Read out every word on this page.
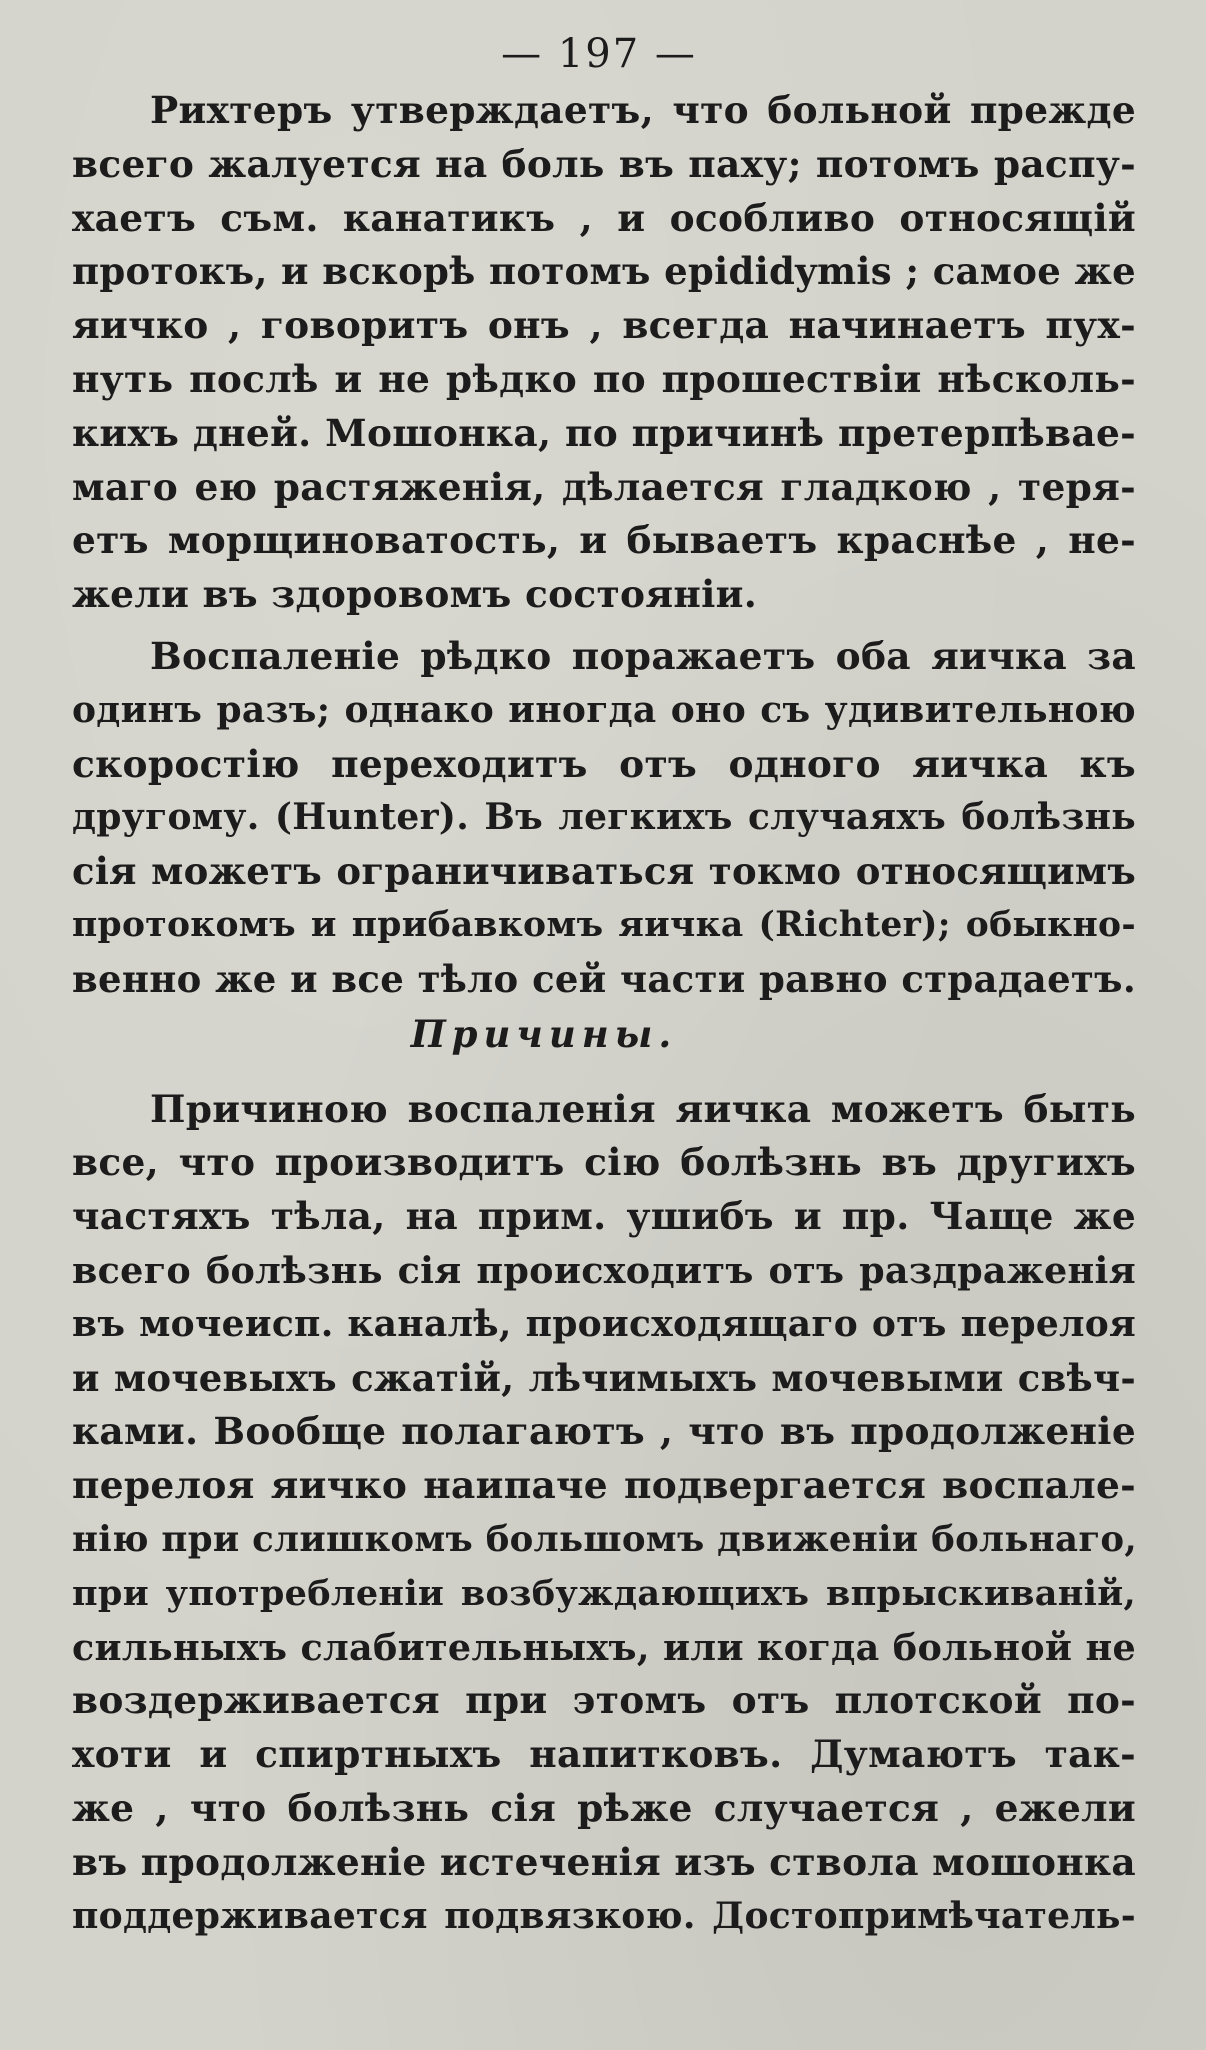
— 197 —
Рихтеръ утверждаетъ, что больной прежде
всего жалуется на боль въ паху; потомъ распу-
хаетъ съм. канатикъ , и особливо относящій
протокъ, и вскорѣ потомъ epididymis ; самое же
яичко , говоритъ онъ , всегда начинаетъ пух-
нуть послѣ и не рѣдко по прошествіи нѣсколь-
кихъ дней. Мошонка, по причинѣ претерпѣвае-
маго ею растяженія, дѣлается гладкою , теря-
етъ морщиноватость, и бываетъ краснѣе , не-
жели въ здоровомъ состояніи.
Воспаленіе рѣдко поражаетъ оба яичка за
одинъ разъ; однако иногда оно съ удивительною
скоростію переходитъ отъ одного яичка къ
другому. (Hunter). Въ легкихъ случаяхъ болѣзнь
сія можетъ ограничиваться токмо относящимъ
протокомъ и прибавкомъ яичка (Richter); обыкно-
венно же и все тѣло сей части равно страдаетъ.
Причины.
Причиною воспаленія яичка можетъ быть
все, что производитъ сію болѣзнь въ другихъ
частяхъ тѣла, на прим. ушибъ и пр. Чаще же
всего болѣзнь сія происходитъ отъ раздраженія
въ мочеисп. каналѣ, происходящаго отъ перелоя
и мочевыхъ сжатій, лѣчимыхъ мочевыми свѣч-
ками. Вообще полагаютъ , что въ продолженіе
перелоя яичко наипаче подвергается воспале-
нію при слишкомъ большомъ движеніи больнаго,
при употребленіи возбуждающихъ впрыскиваній,
сильныхъ слабительныхъ, или когда больной не
воздерживается при этомъ отъ плотской по-
хоти и спиртныхъ напитковъ. Думаютъ так-
же , что болѣзнь сія рѣже случается , ежели
въ продолженіе истеченія изъ ствола мошонка
поддерживается подвязкою. Достопримѣчатель-
